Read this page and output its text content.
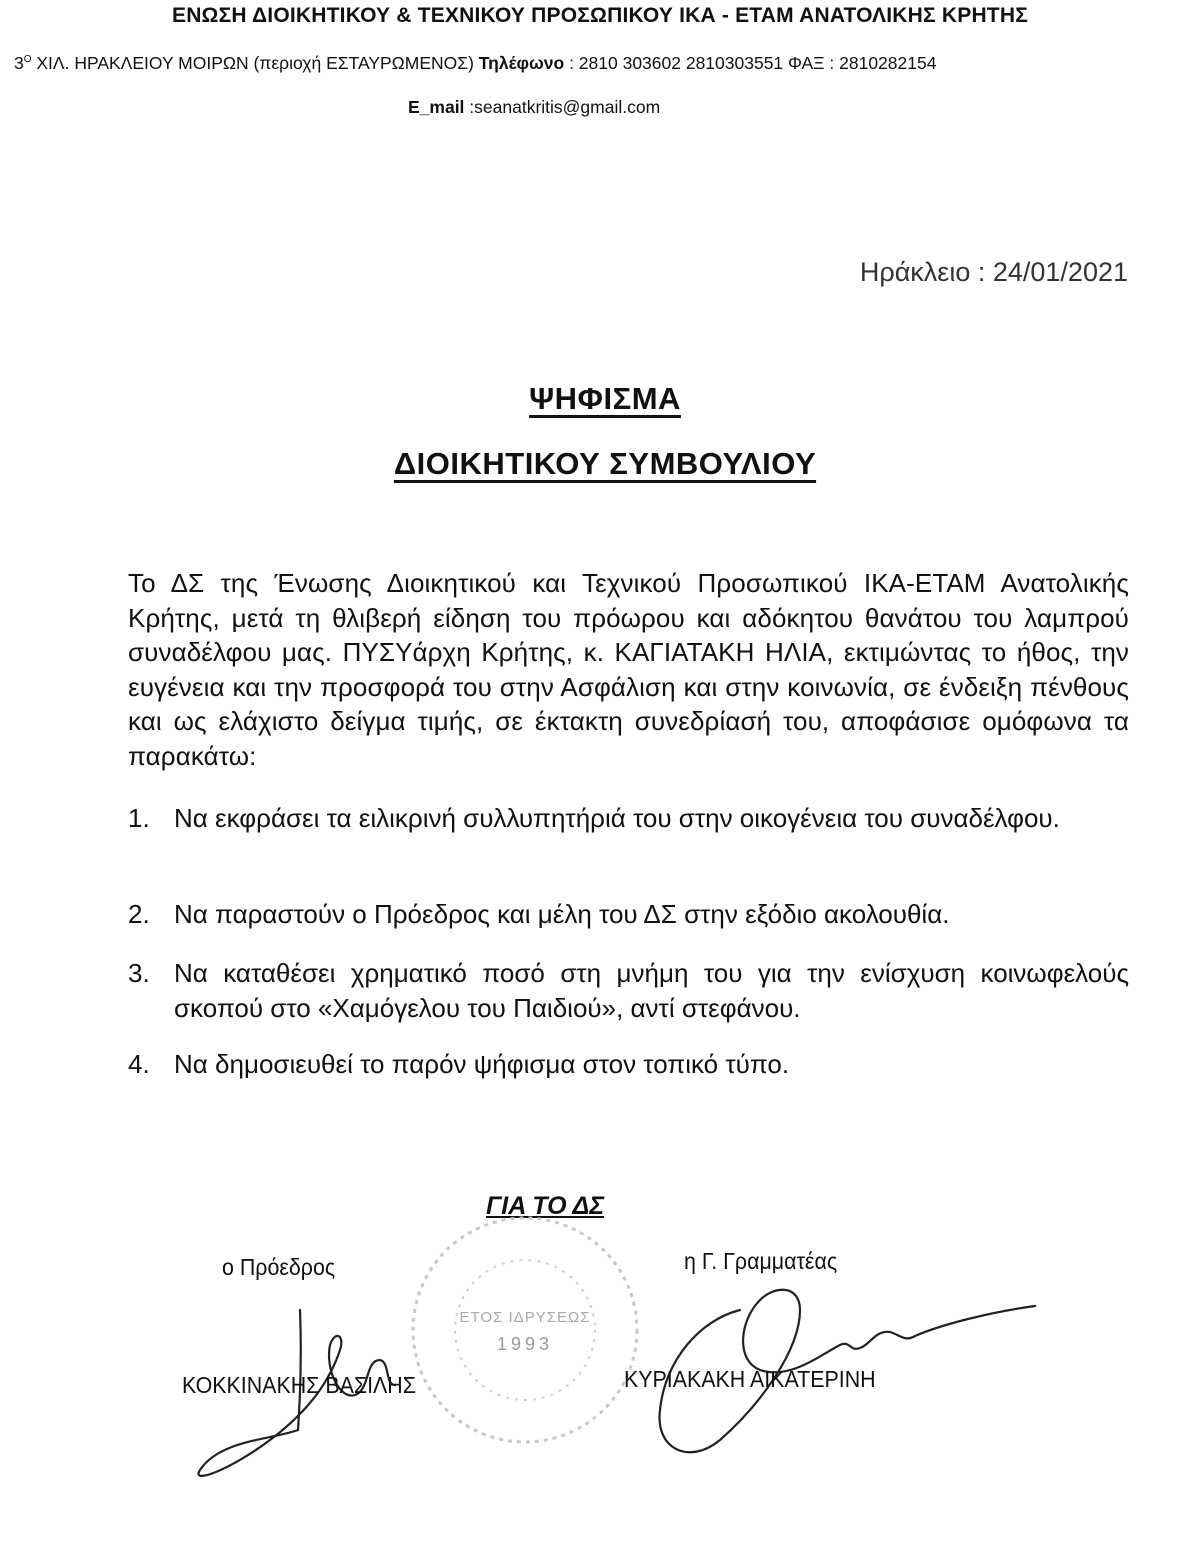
ΕΝΩΣΗ ΔΙΟΙΚΗΤΙΚΟΥ & ΤΕΧΝΙΚΟΥ ΠΡΟΣΩΠΙΚΟΥ ΙΚΑ - ΕΤΑΜ ΑΝΑΤΟΛΙΚΗΣ ΚΡΗΤΗΣ
$3^O$ ΧΙΛ. ΗΡΑΚΛΕΙΟΥ ΜΟΙΡΩΝ (περιοχή ΕΣΤΑΥΡΩΜΕΝΟΣ) Τηλέφωνο : 2810 303602 2810303551 ΦΑΞ : 2810282154
E_mail :seanatkritis@gmail.com
Ηράκλειο : 24/01/2021
ΨΗΦΙΣΜΑ
ΔΙΟΙΚΗΤΙΚΟΥ ΣΥΜΒΟΥΛΙΟΥ
Το ΔΣ της Ένωσης Διοικητικού και Τεχνικού Προσωπικού ΙΚΑ-ΕΤΑΜ Ανατολικής Κρήτης, μετά τη θλιβερή είδηση του πρόωρου και αδόκητου θανάτου του λαμπρού συναδέλφου μας. ΠΥΣΥάρχη Κρήτης, κ. ΚΑΓΙΑΤΑΚΗ ΗΛΙΑ, εκτιμώντας το ήθος, την ευγένεια και την προσφορά του στην Ασφάλιση και στην κοινωνία, σε ένδειξη πένθους και ως ελάχιστο δείγμα τιμής, σε έκτακτη συνεδρίασή του, αποφάσισε ομόφωνα τα παρακάτω:
1. Να εκφράσει τα ειλικρινή συλλυπητήριά του στην οικογένεια του συναδέλφου.
2. Να παραστούν ο Πρόεδρος και μέλη του ΔΣ στην εξόδιο ακολουθία.
3. Να καταθέσει χρηματικό ποσό στη μνήμη του για την ενίσχυση κοινωφελούς σκοπού στο «Χαμόγελου του Παιδιού», αντί στεφάνου.
4. Να δημοσιευθεί το παρόν ψήφισμα στον τοπικό τύπο.
ΓΙΑ ΤΟ ΔΣ
ΕΤΟΣ ΙΔΡΥΣΕΩΣ
1993
ο Πρόεδρος	η Γ. Γραμματέας
ΚΟΚΚΙΝΑΚΗΣ ΒΑΣΙΛΗΣ	ΚΥΡΙΑΚΑΚΗ ΑΙΚΑΤΕΡΙΝΗ
